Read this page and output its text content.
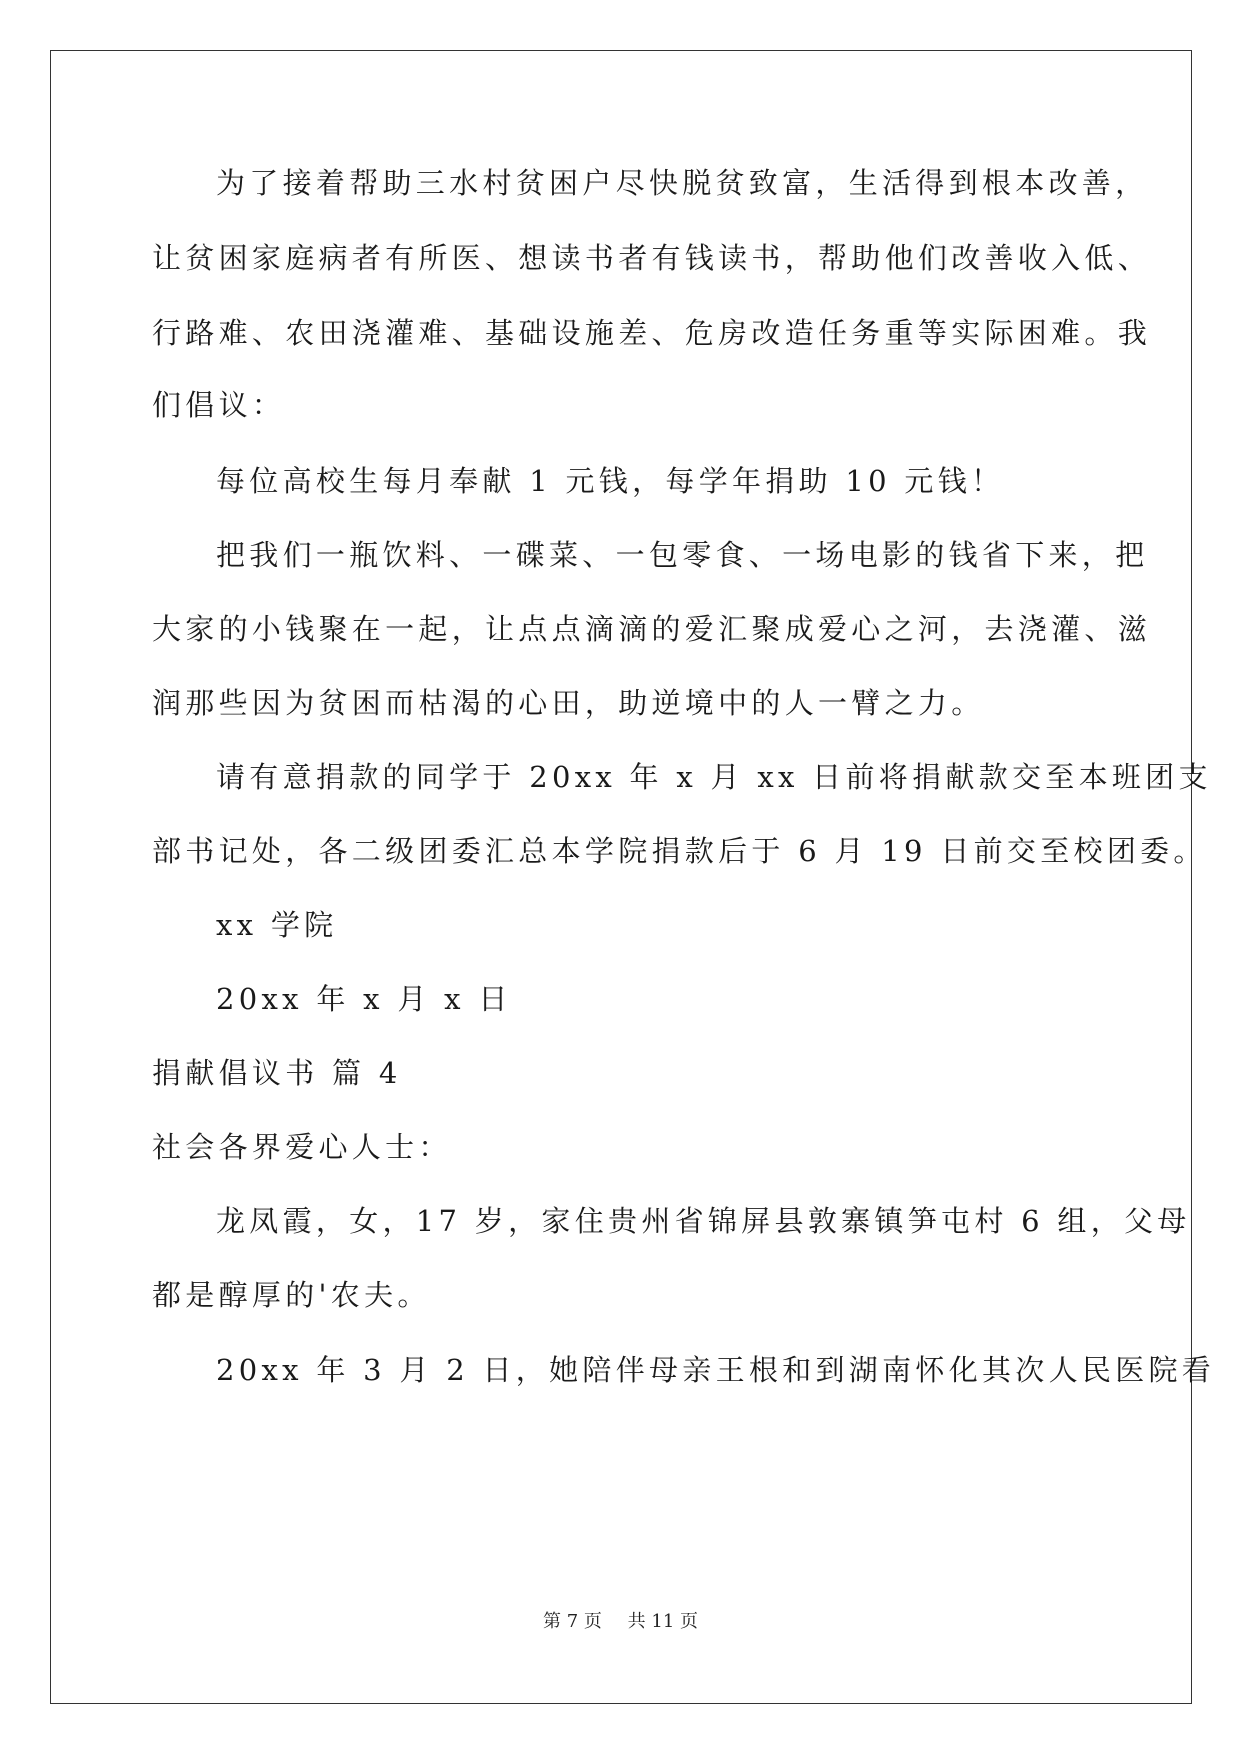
为了接着帮助三水村贫困户尽快脱贫致富，生活得到根本改善，
让贫困家庭病者有所医、想读书者有钱读书，帮助他们改善收入低、
行路难、农田浇灌难、基础设施差、危房改造任务重等实际困难。我
们倡议：
每位高校生每月奉献 1 元钱，每学年捐助 10 元钱！
把我们一瓶饮料、一碟菜、一包零食、一场电影的钱省下来，把
大家的小钱聚在一起，让点点滴滴的爱汇聚成爱心之河，去浇灌、滋
润那些因为贫困而枯渴的心田，助逆境中的人一臂之力。
请有意捐款的同学于 20xx 年 x 月 xx 日前将捐献款交至本班团支
部书记处，各二级团委汇总本学院捐款后于 6 月 19 日前交至校团委。
xx 学院
20xx 年 x 月 x 日
捐献倡议书 篇 4
社会各界爱心人士：
龙凤霞，女，17 岁，家住贵州省锦屏县敦寨镇笋屯村 6 组，父母
都是醇厚的'农夫。
20xx 年 3 月 2 日，她陪伴母亲王根和到湖南怀化其次人民医院看
第 7 页 共 11 页
